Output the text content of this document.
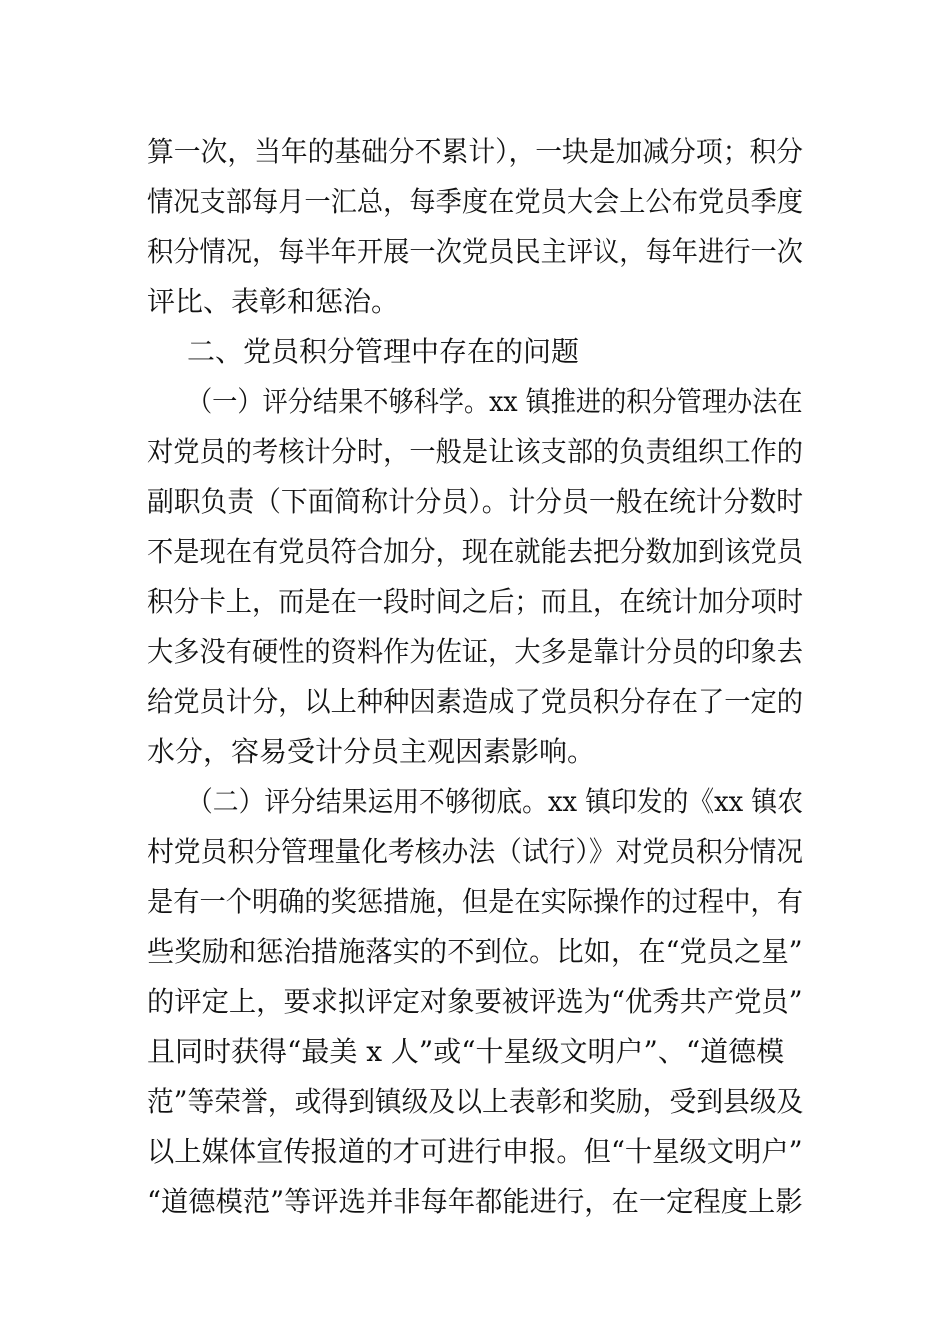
算一次，当年的基础分不累计），一块是加减分项；积分
情况支部每月一汇总，每季度在党员大会上公布党员季度
积分情况，每半年开展一次党员民主评议，每年进行一次
评比、表彰和惩治。
二、党员积分管理中存在的问题
（一）评分结果不够科学。xx 镇推进的积分管理办法在
对党员的考核计分时，一般是让该支部的负责组织工作的
副职负责（下面简称计分员）。计分员一般在统计分数时
不是现在有党员符合加分，现在就能去把分数加到该党员
积分卡上，而是在一段时间之后；而且，在统计加分项时
大多没有硬性的资料作为佐证，大多是靠计分员的印象去
给党员计分，以上种种因素造成了党员积分存在了一定的
水分，容易受计分员主观因素影响。
（二）评分结果运用不够彻底。xx 镇印发的《xx 镇农
村党员积分管理量化考核办法（试行）》对党员积分情况
是有一个明确的奖惩措施，但是在实际操作的过程中，有
些奖励和惩治措施落实的不到位。比如，在“党员之星”
的评定上，要求拟评定对象要被评选为“优秀共产党员”
且同时获得“最美 x 人”或“十星级文明户”、“道德模
范”等荣誉，或得到镇级及以上表彰和奖励，受到县级及
以上媒体宣传报道的才可进行申报。但“十星级文明户”
“道德模范”等评选并非每年都能进行，在一定程度上影
